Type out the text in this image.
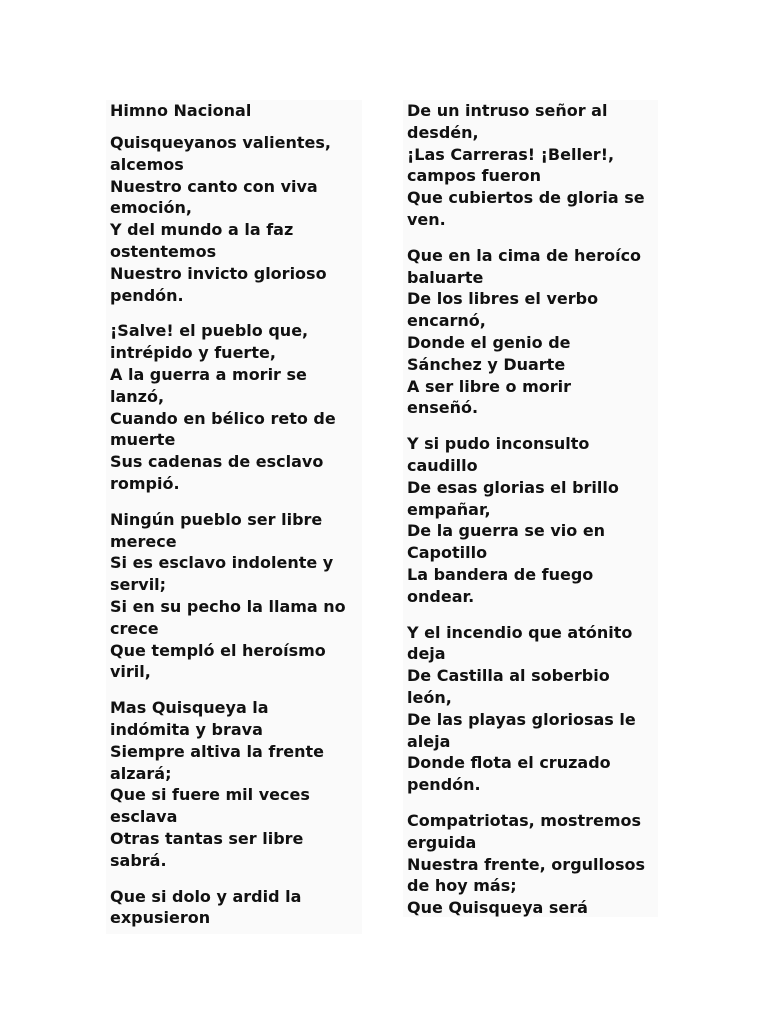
Himno Nacional
Quisqueyanos valientes,
alcemos
Nuestro canto con viva
emoción,
Y del mundo a la faz
ostentemos
Nuestro invicto glorioso
pendón.
¡Salve! el pueblo que,
intrépido y fuerte,
A la guerra a morir se
lanzó,
Cuando en bélico reto de
muerte
Sus cadenas de esclavo
rompió.
Ningún pueblo ser libre
merece
Si es esclavo indolente y
servil;
Si en su pecho la llama no
crece
Que templó el heroísmo
viril,
Mas Quisqueya la
indómita y brava
Siempre altiva la frente
alzará;
Que si fuere mil veces
esclava
Otras tantas ser libre
sabrá.
Que si dolo y ardid la
expusieron
De un intruso señor al
desdén,
¡Las Carreras! ¡Beller!,
campos fueron
Que cubiertos de gloria se
ven.
Que en la cima de heroíco
baluarte
De los libres el verbo
encarnó,
Donde el genio de
Sánchez y Duarte
A ser libre o morir
enseñó.
Y si pudo inconsulto
caudillo
De esas glorias el brillo
empañar,
De la guerra se vio en
Capotillo
La bandera de fuego
ondear.
Y el incendio que atónito
deja
De Castilla al soberbio
león,
De las playas gloriosas le
aleja
Donde flota el cruzado
pendón.
Compatriotas, mostremos
erguida
Nuestra frente, orgullosos
de hoy más;
Que Quisqueya será
